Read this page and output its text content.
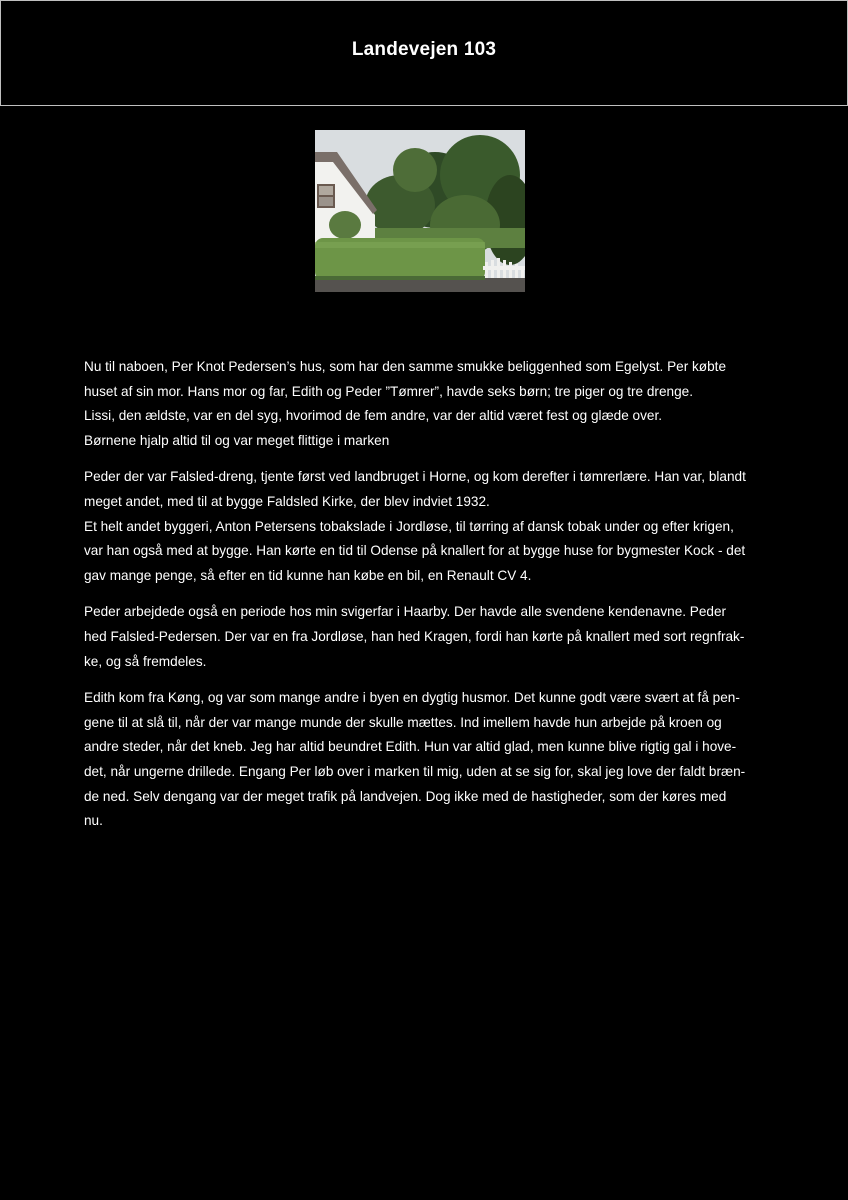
Landevejen 103

Nu til naboen, Per Knot Pedersen’s hus, som har den samme smukke beliggenhed som Egelyst. Per købte
huset af sin mor. Hans mor og far, Edith og Peder ”Tømrer”, havde seks børn; tre piger og tre drenge.
Lissi, den ældste, var en del syg, hvorimod de fem andre, var der altid været fest og glæde over.
Børnene hjalp altid til og var meget flittige i marken

Peder der var Falsled-dreng, tjente først ved landbruget i Horne, og kom derefter i tømrerlære. Han var, blandt
meget andet, med til at bygge Faldsled Kirke, der blev indviet 1932.
Et helt andet byggeri, Anton Petersens tobakslade i Jordløse, til tørring af dansk tobak under og efter krigen,
var han også med at bygge. Han kørte en tid til Odense på knallert for at bygge huse for bygmester Kock - det
gav mange penge, så efter en tid kunne han købe en bil, en Renault CV 4.

Peder arbejdede også en periode hos min svigerfar i Haarby. Der havde alle svendene kendenavne. Peder
hed Falsled-Pedersen. Der var en fra Jordløse, han hed Kragen, fordi han kørte på knallert med sort regnfrak-
ke, og så fremdeles.

Edith kom fra Køng, og var som mange andre i byen en dygtig husmor. Det kunne godt være svært at få pen-
gene til at slå til, når der var mange munde der skulle mættes. Ind imellem havde hun arbejde på kroen og
andre steder, når det kneb. Jeg har altid beundret Edith. Hun var altid glad, men kunne blive rigtig gal i hove-
det, når ungerne drillede. Engang Per løb over i marken til mig, uden at se sig for, skal jeg love der faldt bræn-
de ned. Selv dengang var der meget trafik på landvejen. Dog ikke med de hastigheder, som der køres med
nu.
